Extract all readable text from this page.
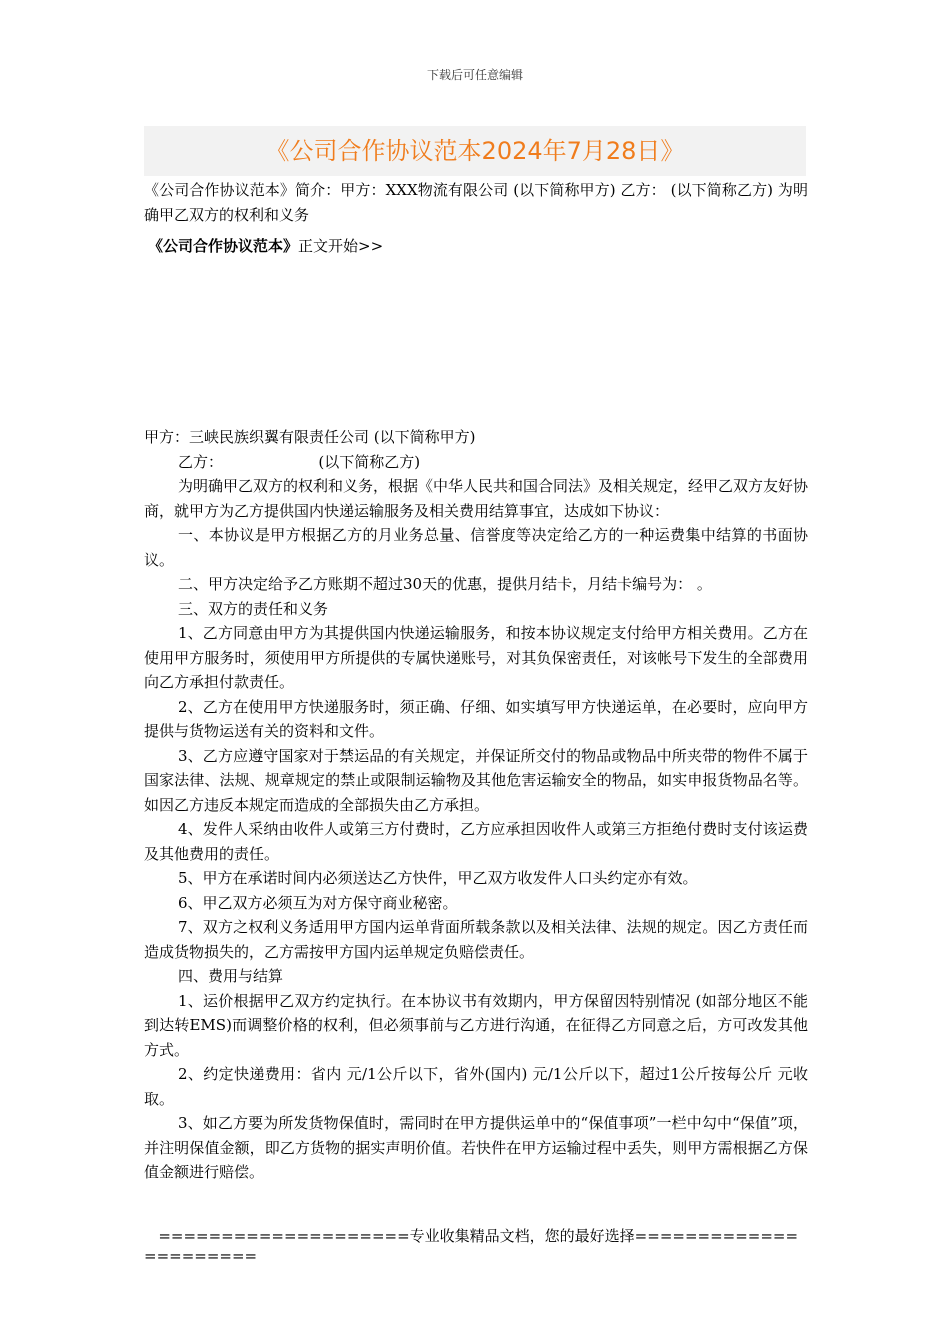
下载后可任意编辑
《公司合作协议范本2024年7月28日》
《公司合作协议范本》简介：甲方：XXX物流有限公司 (以下简称甲方) 乙方： (以下简称乙方) 为明确甲乙双方的权利和义务
《公司合作协议范本》正文开始>>

甲方：三峡民族织翼有限责任公司 (以下简称甲方)

乙方：                    (以下简称乙方)

为明确甲乙双方的权利和义务，根据《中华人民共和国合同法》及相关规定，经甲乙双方友好协商，就甲方为乙方提供国内快递运输服务及相关费用结算事宜，达成如下协议：

一、本协议是甲方根据乙方的月业务总量、信誉度等决定给乙方的一种运费集中结算的书面协议。

二、甲方决定给予乙方账期不超过30天的优惠，提供月结卡，月结卡编号为： 。

三、双方的责任和义务

1、乙方同意由甲方为其提供国内快递运输服务，和按本协议规定支付给甲方相关费用。乙方在使用甲方服务时，须使用甲方所提供的专属快递账号，对其负保密责任，对该帐号下发生的全部费用向乙方承担付款责任。

2、乙方在使用甲方快递服务时，须正确、仔细、如实填写甲方快递运单，在必要时，应向甲方提供与货物运送有关的资料和文件。

3、乙方应遵守国家对于禁运品的有关规定，并保证所交付的物品或物品中所夹带的物件不属于国家法律、法规、规章规定的禁止或限制运输物及其他危害运输安全的物品，如实申报货物品名等。如因乙方违反本规定而造成的全部损失由乙方承担。

4、发件人采纳由收件人或第三方付费时，乙方应承担因收件人或第三方拒绝付费时支付该运费及其他费用的责任。

5、甲方在承诺时间内必须送达乙方快件，甲乙双方收发件人口头约定亦有效。

6、甲乙双方必须互为对方保守商业秘密。

7、双方之权利义务适用甲方国内运单背面所载条款以及相关法律、法规的规定。因乙方责任而造成货物损失的，乙方需按甲方国内运单规定负赔偿责任。

四、费用与结算

1、运价根据甲乙双方约定执行。在本协议书有效期内，甲方保留因特别情况 (如部分地区不能到达转EMS)而调整价格的权利，但必须事前与乙方进行沟通，在征得乙方同意之后，方可改发其他方式。

2、约定快递费用：省内 元/1公斤以下，省外(国内) 元/1公斤以下，超过1公斤按每公斤 元收取。

3、如乙方要为所发货物保值时，需同时在甲方提供运单中的“保值事项”一栏中勾中“保值”项，并注明保值金额，即乙方货物的据实声明价值。若快件在甲方运输过程中丢失，则甲方需根据乙方保值金额进行赔偿。

====================专业收集精品文档，您的最好选择======================
